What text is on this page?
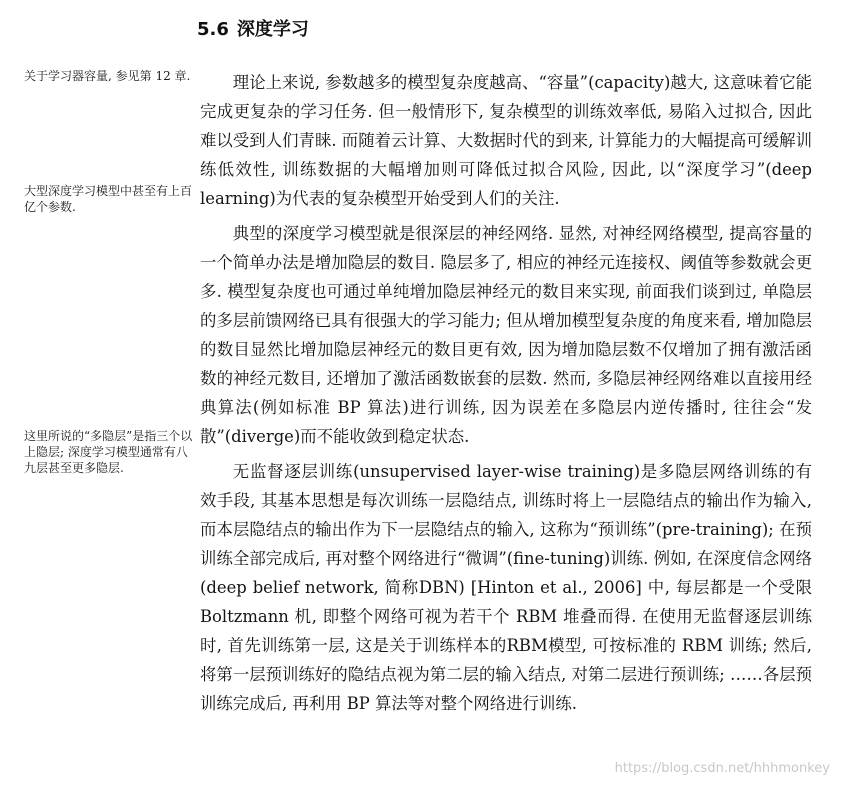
5.6 深度学习

关于学习器容量, 参见第 12 章.

大型深度学习模型中甚至有上百亿个参数.

这里所说的“多隐层”是指三个以上隐层; 深度学习模型通常有八九层甚至更多隐层.

理论上来说, 参数越多的模型复杂度越高、“容量”(capacity)越大, 这意味着它能完成更复杂的学习任务. 但一般情形下, 复杂模型的训练效率低, 易陷入过拟合, 因此难以受到人们青睐. 而随着云计算、大数据时代的到来, 计算能力的大幅提高可缓解训练低效性, 训练数据的大幅增加则可降低过拟合风险, 因此, 以“深度学习”(deep learning)为代表的复杂模型开始受到人们的关注.

典型的深度学习模型就是很深层的神经网络. 显然, 对神经网络模型, 提高容量的一个简单办法是增加隐层的数目. 隐层多了, 相应的神经元连接权、阈值等参数就会更多. 模型复杂度也可通过单纯增加隐层神经元的数目来实现, 前面我们谈到过, 单隐层的多层前馈网络已具有很强大的学习能力; 但从增加模型复杂度的角度来看, 增加隐层的数目显然比增加隐层神经元的数目更有效, 因为增加隐层数不仅增加了拥有激活函数的神经元数目, 还增加了激活函数嵌套的层数. 然而, 多隐层神经网络难以直接用经典算法(例如标准 BP 算法)进行训练, 因为误差在多隐层内逆传播时, 往往会“发散”(diverge)而不能收敛到稳定状态.

无监督逐层训练(unsupervised layer-wise training)是多隐层网络训练的有效手段, 其基本思想是每次训练一层隐结点, 训练时将上一层隐结点的输出作为输入, 而本层隐结点的输出作为下一层隐结点的输入, 这称为“预训练”(pre-training); 在预训练全部完成后, 再对整个网络进行“微调”(fine-tuning)训练. 例如, 在深度信念网络(deep belief network, 简称DBN) [Hinton et al., 2006] 中, 每层都是一个受限 Boltzmann 机, 即整个网络可视为若干个 RBM 堆叠而得. 在使用无监督逐层训练时, 首先训练第一层, 这是关于训练样本的RBM模型, 可按标准的 RBM 训练; 然后, 将第一层预训练好的隐结点视为第二层的输入结点, 对第二层进行预训练; ……各层预训练完成后, 再利用 BP 算法等对整个网络进行训练.

https://blog.csdn.net/hhhmonkey
